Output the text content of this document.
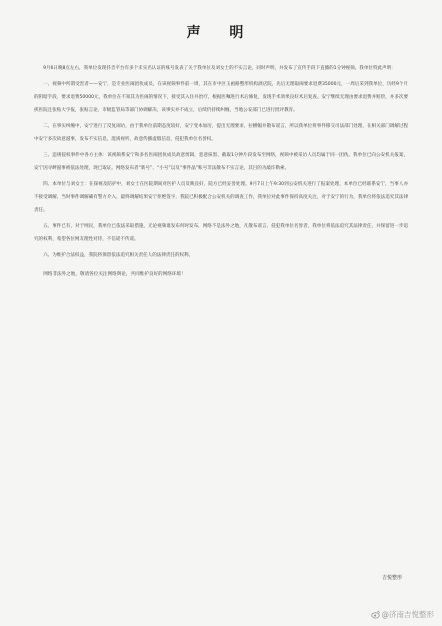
声 明

9月6日晚8点左右，我单位发现抖音平台有多个未实名认证的账号发表了关于我单位及刘女士的不实言论，同时声明，并发布了宣传手段下直播的1分钟视频。我单位特此声明：

一、视频中所谓受害者——安宁，是专业医闹团伙成员，在该视频事件前一周，其在市中区玉函路整形机构酒店院，先后无理取闹要求退费35000元，一周后采到我单位，历经9个月的阴暗手段，要求退费50000元，我单位在不知其为医闹的情况下，接受其入住并治疗，根据医嘱进行术后修复，发现手术效果良好术后复查。安宁继续无理由要求退费并赔偿，并多次要挟医院且张贴大字报，张贴言论，市级监管局等部门协调解决，该事实并不成立，后续仍持续纠缠，当地公安部门已进行批评教育。

二、在事实纠缠中，安宁进行了反复闹访，由于我单位前期态度较好，安宁变本加厉，提出无理要求，拉横幅并散布谣言，所以我单位将事件移交司法部门处理，在相关部门调解过程中安宁多次故意滋事，发布不实信息，混淆视听，故意传播虚假信息，侵犯我单位名誉权。

三、违规侵权事件中各方主体：该视频系安宁和多名医闹团伙成员故意剪辑，恶意抹黑、截取1分钟片段发布至网络，视频中被采访人员均属于同一团伙。我单位已向公安机关报案，安宁因寻衅滋事被依法处理，现已取证。网络发布者“新号”、“小号”以及“事件晶”账号非法散布不实言论，其目的为敲诈勒索。

四、本单位与刘女士：在探视及陪护中，刘女士在医院期间对医护人员反映良好，院方已经妥善处理。9月7日上午9:30到公安机关进行了报案处理，本单位已经联系安宁，当事人亦不接受调解，当时事件调解确有警方介入，最终调解结果安宁拒绝签字，我院已积极配合公安机关的调查工作，我单位对此事件保持高度关注，对于安宁的行为，我单位将依法追究其法律责任。

五、事件已有，对于网民，我单位已依法采取措施，无论视频谁发布何时发布，网络不是法外之地，凡散布谣言、侵犯我单位名誉者，我单位将依法追究其法律责任，并保留进一步追究的权利，希望各位网友理性对待，不信谣不传谣。

六、为维护合法权益，我院将保留依法追究相关责任人的法律责任的权利。

网络非法外之地，敬请各位关注网络舆论，共同维护良好的网络环境！

吉悦整形
@济南吉悦整形
